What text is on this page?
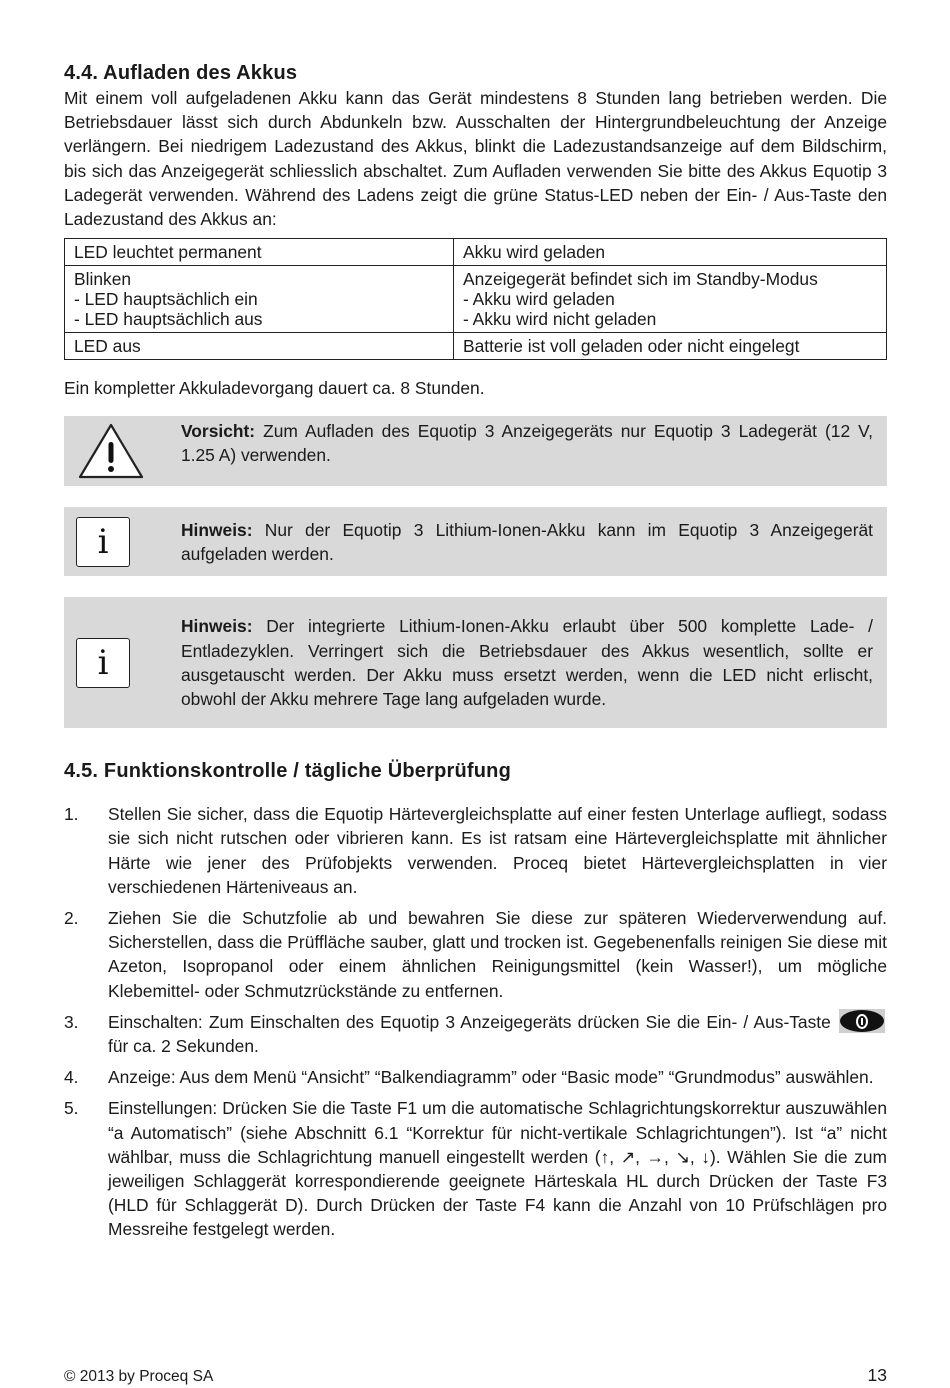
4.4. Aufladen des Akkus

Mit einem voll aufgeladenen Akku kann das Gerät mindestens 8 Stunden lang betrieben werden. Die Betriebsdauer lässt sich durch Abdunkeln bzw. Ausschalten der Hintergrundbeleuchtung der Anzeige verlängern. Bei niedrigem Ladezustand des Akkus, blinkt die Ladezustandsanzeige auf dem Bildschirm, bis sich das Anzeigegerät schliesslich abschaltet. Zum Aufladen verwenden Sie bitte des Akkus Equotip 3 Ladegerät verwenden. Während des Ladens zeigt die grüne Status-LED neben der Ein- / Aus-Taste den Ladezustand des Akkus an:

LED leuchtet permanent	Akku wird geladen

Blinken
- LED hauptsächlich ein
- LED hauptsächlich aus	Anzeigegerät befindet sich im Standby-Modus
- Akku wird geladen
- Akku wird nicht geladen

LED aus	Batterie ist voll geladen oder nicht eingelegt

Ein kompletter Akkuladevorgang dauert ca. 8 Stunden.

Vorsicht: Zum Aufladen des Equotip 3 Anzeigegeräts nur Equotip 3 Ladegerät (12 V, 1.25 A) verwenden.
i	Hinweis: Nur der Equotip 3 Lithium-Ionen-Akku kann im Equotip 3 Anzeigegerät aufgeladen werden.
i
Hinweis: Der integrierte Lithium-Ionen-Akku erlaubt über 500 komplette Lade- / Entladezyklen. Verringert sich die Betriebsdauer des Akkus wesentlich, sollte er ausgetauscht werden. Der Akku muss ersetzt werden, wenn die LED nicht erlischt, obwohl der Akku mehrere Tage lang aufgeladen wurde.
4.5. Funktionskontrolle / tägliche Überprüfung
1. Stellen Sie sicher, dass die Equotip Härtevergleichsplatte auf einer festen Unterlage aufliegt, sodass sie sich nicht rutschen oder vibrieren kann. Es ist ratsam eine Härtevergleichsplatte mit ähnlicher Härte wie jener des Prüfobjekts verwenden. Proceq bietet Härtevergleichsplatten in vier verschiedenen Härteniveaus an.
2. Ziehen Sie die Schutzfolie ab und bewahren Sie diese zur späteren Wiederverwendung auf. Sicherstellen, dass die Prüffläche sauber, glatt und trocken ist. Gegebenenfalls reinigen Sie diese mit Azeton, Isopropanol oder einem ähnlichen Reinigungsmittel (kein Wasser!), um mögliche Klebemittel- oder Schmutzrückstände zu entfernen.
3. Einschalten: Zum Einschalten des Equotip 3 Anzeigegeräts drücken Sie die Ein- / Aus-Taste
für ca. 2 Sekunden.
4. Anzeige: Aus dem Menü “Ansicht” “Balkendiagramm” oder “Basic mode” “Grundmodus” auswählen.
5. Einstellungen: Drücken Sie die Taste F1 um die automatische Schlagrichtungskorrektur auszuwählen “a Automatisch” (siehe Abschnitt 6.1 “Korrektur für nicht-vertikale Schlagrichtungen”). Ist “a” nicht wählbar, muss die Schlagrichtung manuell eingestellt werden (↑, ↗, →, ↘, ↓). Wählen Sie die zum jeweiligen Schlaggerät korrespondierende geeignete Härteskala HL durch Drücken der Taste F3 (HLD für Schlaggerät D). Durch Drücken der Taste F4 kann die Anzahl von 10 Prüfschlägen pro Messreihe festgelegt werden.
© 2013 by Proceq SA	13
